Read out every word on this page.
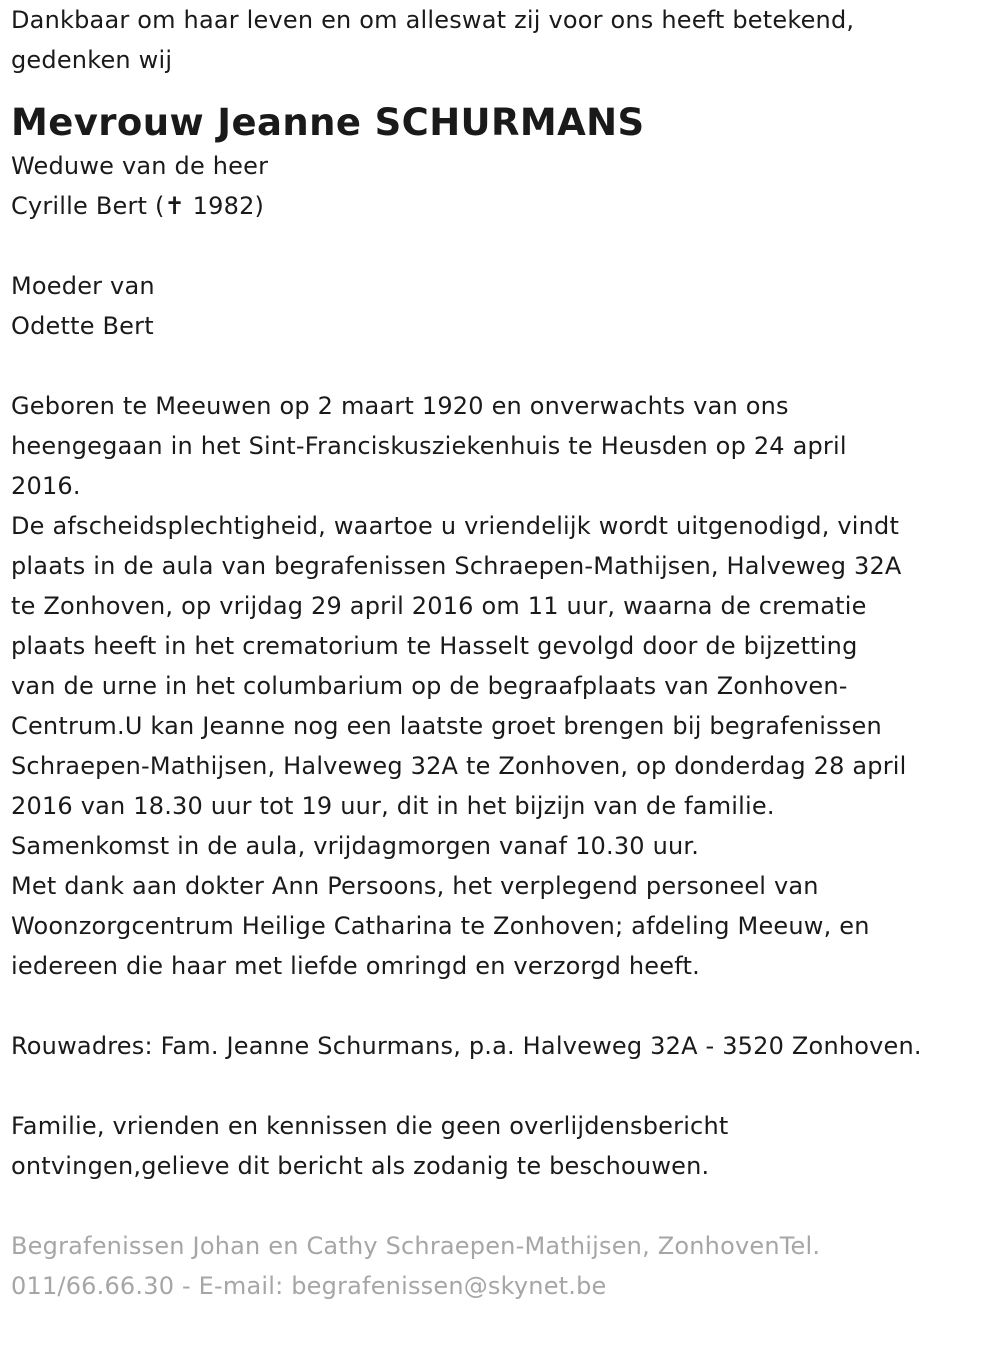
Dankbaar om haar leven en om alleswat zij voor ons heeft betekend,
gedenken wij
Mevrouw Jeanne SCHURMANS
Weduwe van de heer
Cyrille Bert (✝ 1982)
Moeder van
Odette Bert
Geboren te Meeuwen op 2 maart 1920 en onverwachts van ons
heengegaan in het Sint-Franciskusziekenhuis te Heusden op 24 april
2016.
De afscheidsplechtigheid, waartoe u vriendelijk wordt uitgenodigd, vindt
plaats in de aula van begrafenissen Schraepen-Mathijsen, Halveweg 32A
te Zonhoven, op vrijdag 29 april 2016 om 11 uur, waarna de crematie
plaats heeft in het crematorium te Hasselt gevolgd door de bijzetting
van de urne in het columbarium op de begraafplaats van Zonhoven-
Centrum.U kan Jeanne nog een laatste groet brengen bij begrafenissen
Schraepen-Mathijsen, Halveweg 32A te Zonhoven, op donderdag 28 april
2016 van 18.30 uur tot 19 uur, dit in het bijzijn van de familie.
Samenkomst in de aula, vrijdagmorgen vanaf 10.30 uur.
Met dank aan dokter Ann Persoons, het verplegend personeel van
Woonzorgcentrum Heilige Catharina te Zonhoven; afdeling Meeuw, en
iedereen die haar met liefde omringd en verzorgd heeft.
Rouwadres: Fam. Jeanne Schurmans, p.a. Halveweg 32A - 3520 Zonhoven.
Familie, vrienden en kennissen die geen overlijdensbericht
ontvingen,gelieve dit bericht als zodanig te beschouwen.
Begrafenissen Johan en Cathy Schraepen-Mathijsen, ZonhovenTel.
011/66.66.30 - E-mail: begrafenissen@skynet.be
